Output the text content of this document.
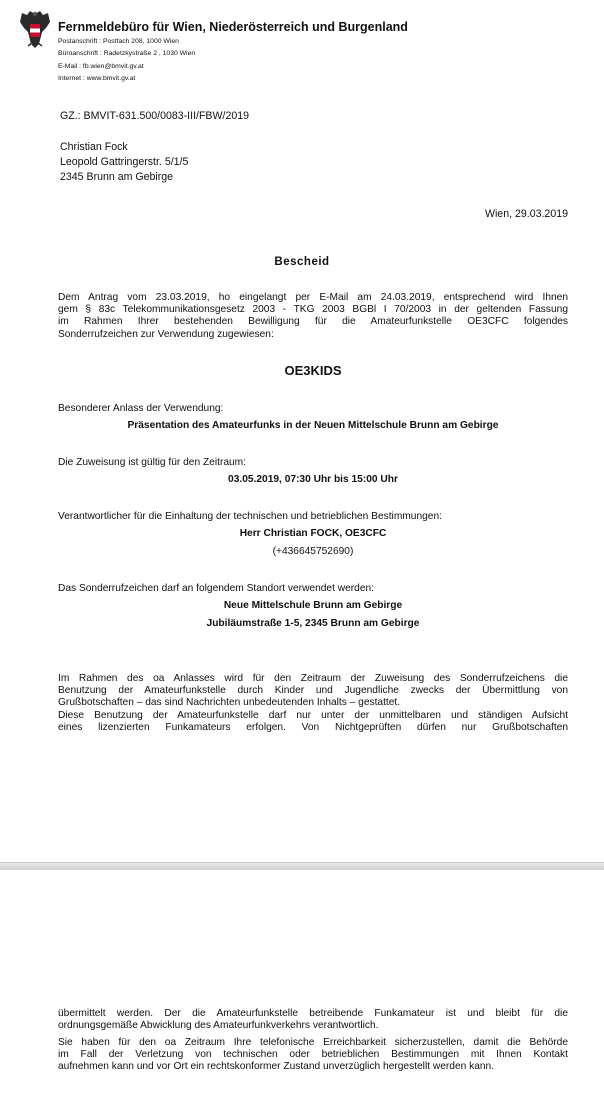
Fernmeldebüro für Wien, Niederösterreich und Burgenland
Postanschrift : Postfach 208, 1000 Wien
Büroanschrift : Radetzkystraße 2 , 1030 Wien
E-Mail : fb.wien@bmvit.gv.at
Internet : www.bmvit.gv.at
GZ.: BMVIT-631.500/0083-III/FBW/2019
Christian Fock
Leopold Gattringerstr. 5/1/5
2345 Brunn am Gebirge
Wien, 29.03.2019
Bescheid
Dem Antrag vom 23.03.2019, ho eingelangt per E-Mail am 24.03.2019, entsprechend wird Ihnen
gem § 83c Telekommunikationsgesetz 2003 - TKG 2003 BGBl I 70/2003 in der geltenden Fassung
im Rahmen Ihrer bestehenden Bewilligung für die Amateurfunkstelle OE3CFC folgendes
Sonderrufzeichen zur Verwendung zugewiesen:
OE3KIDS
Besonderer Anlass der Verwendung:
Präsentation des Amateurfunks in der Neuen Mittelschule Brunn am Gebirge
Die Zuweisung ist gültig für den Zeitraum:
03.05.2019, 07:30 Uhr bis 15:00 Uhr
Verantwortlicher für die Einhaltung der technischen und betrieblichen Bestimmungen:
Herr Christian FOCK, OE3CFC
(+436645752690)
Das Sonderrufzeichen darf an folgendem Standort verwendet werden:
Neue Mittelschule Brunn am Gebirge
Jubiläumstraße 1-5, 2345 Brunn am Gebirge
Im Rahmen des oa Anlasses wird für den Zeitraum der Zuweisung des Sonderrufzeichens die
Benutzung der Amateurfunkstelle durch Kinder und Jugendliche zwecks der Übermittlung von
Grußbotschaften – das sind Nachrichten unbedeutenden Inhalts – gestattet.
Diese Benutzung der Amateurfunkstelle darf nur unter der unmittelbaren und ständigen Aufsicht
eines lizenzierten Funkamateurs erfolgen. Von Nichtgeprüften dürfen nur Grußbotschaften
übermittelt werden. Der die Amateurfunkstelle betreibende Funkamateur ist und bleibt für die
ordnungsgemäße Abwicklung des Amateurfunkverkehrs verantwortlich.
Sie haben für den oa Zeitraum Ihre telefonische Erreichbarkeit sicherzustellen, damit die Behörde
im Fall der Verletzung von technischen oder betrieblichen Bestimmungen mit Ihnen Kontakt
aufnehmen kann und vor Ort ein rechtskonformer Zustand unverzüglich hergestellt werden kann.
